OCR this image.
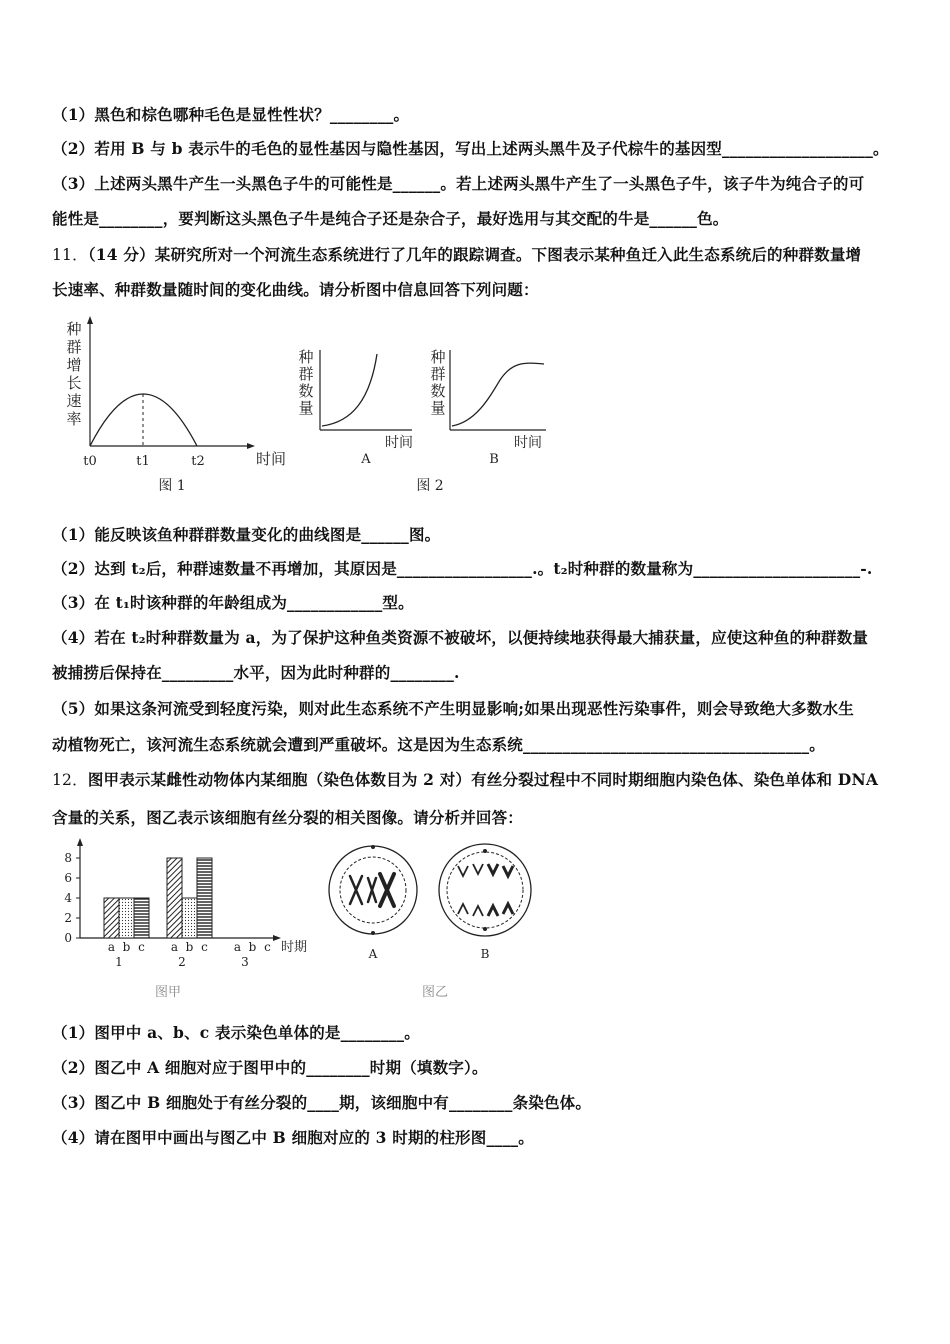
（1）黑色和棕色哪种毛色是显性性状？________。
（2）若用 B 与 b 表示牛的毛色的显性基因与隐性基因，写出上述两头黑牛及子代棕牛的基因型___________________。
（3）上述两头黑牛产生一头黑色子牛的可能性是______。若上述两头黑牛产生了一头黑色子牛，该子牛为纯合子的可
能性是________，要判断这头黑色子牛是纯合子还是杂合子，最好选用与其交配的牛是______色。
11．（14 分）某研究所对一个河流生态系统进行了几年的跟踪调查。下图表示某种鱼迁入此生态系统后的种群数量增
长速率、种群数量随时间的变化曲线。请分析图中信息回答下列问题：
种
群
增
长
速
率
t0	t1	t2	时间
图 1
种
群
数
量
时间
A
种
群
数
量
时间
B
图 2
（1）能反映该鱼种群群数量变化的曲线图是______图。
（2）达到 t₂后，种群速数量不再增加，其原因是_________________.。t₂时种群的数量称为_____________________-.
（3）在 t₁时该种群的年龄组成为____________型。
（4）若在 t₂时种群数量为 a，为了保护这种鱼类资源不被破坏，以便持续地获得最大捕获量，应使这种鱼的种群数量
被捕捞后保持在_________水平，因为此时种群的________.
（5）如果这条河流受到轻度污染，则对此生态系统不产生明显影响;如果出现恶性污染事件，则会导致绝大多数水生
动植物死亡，该河流生态系统就会遭到严重破坏。这是因为生态系统____________________________________。
12．图甲表示某雌性动物体内某细胞（染色体数目为 2 对）有丝分裂过程中不同时期细胞内染色体、染色单体和 DNA
含量的关系，图乙表示该细胞有丝分裂的相关图像。请分析并回答：
0
2
4
6
8
a b c
1
a b c
2
a b c
3
时期
图甲
A	B
图乙
（1）图甲中 a、b、c 表示染色单体的是________。
（2）图乙中 A 细胞对应于图甲中的________时期（填数字）。
（3）图乙中 B 细胞处于有丝分裂的____期，该细胞中有________条染色体。
（4）请在图甲中画出与图乙中 B 细胞对应的 3 时期的柱形图____。
